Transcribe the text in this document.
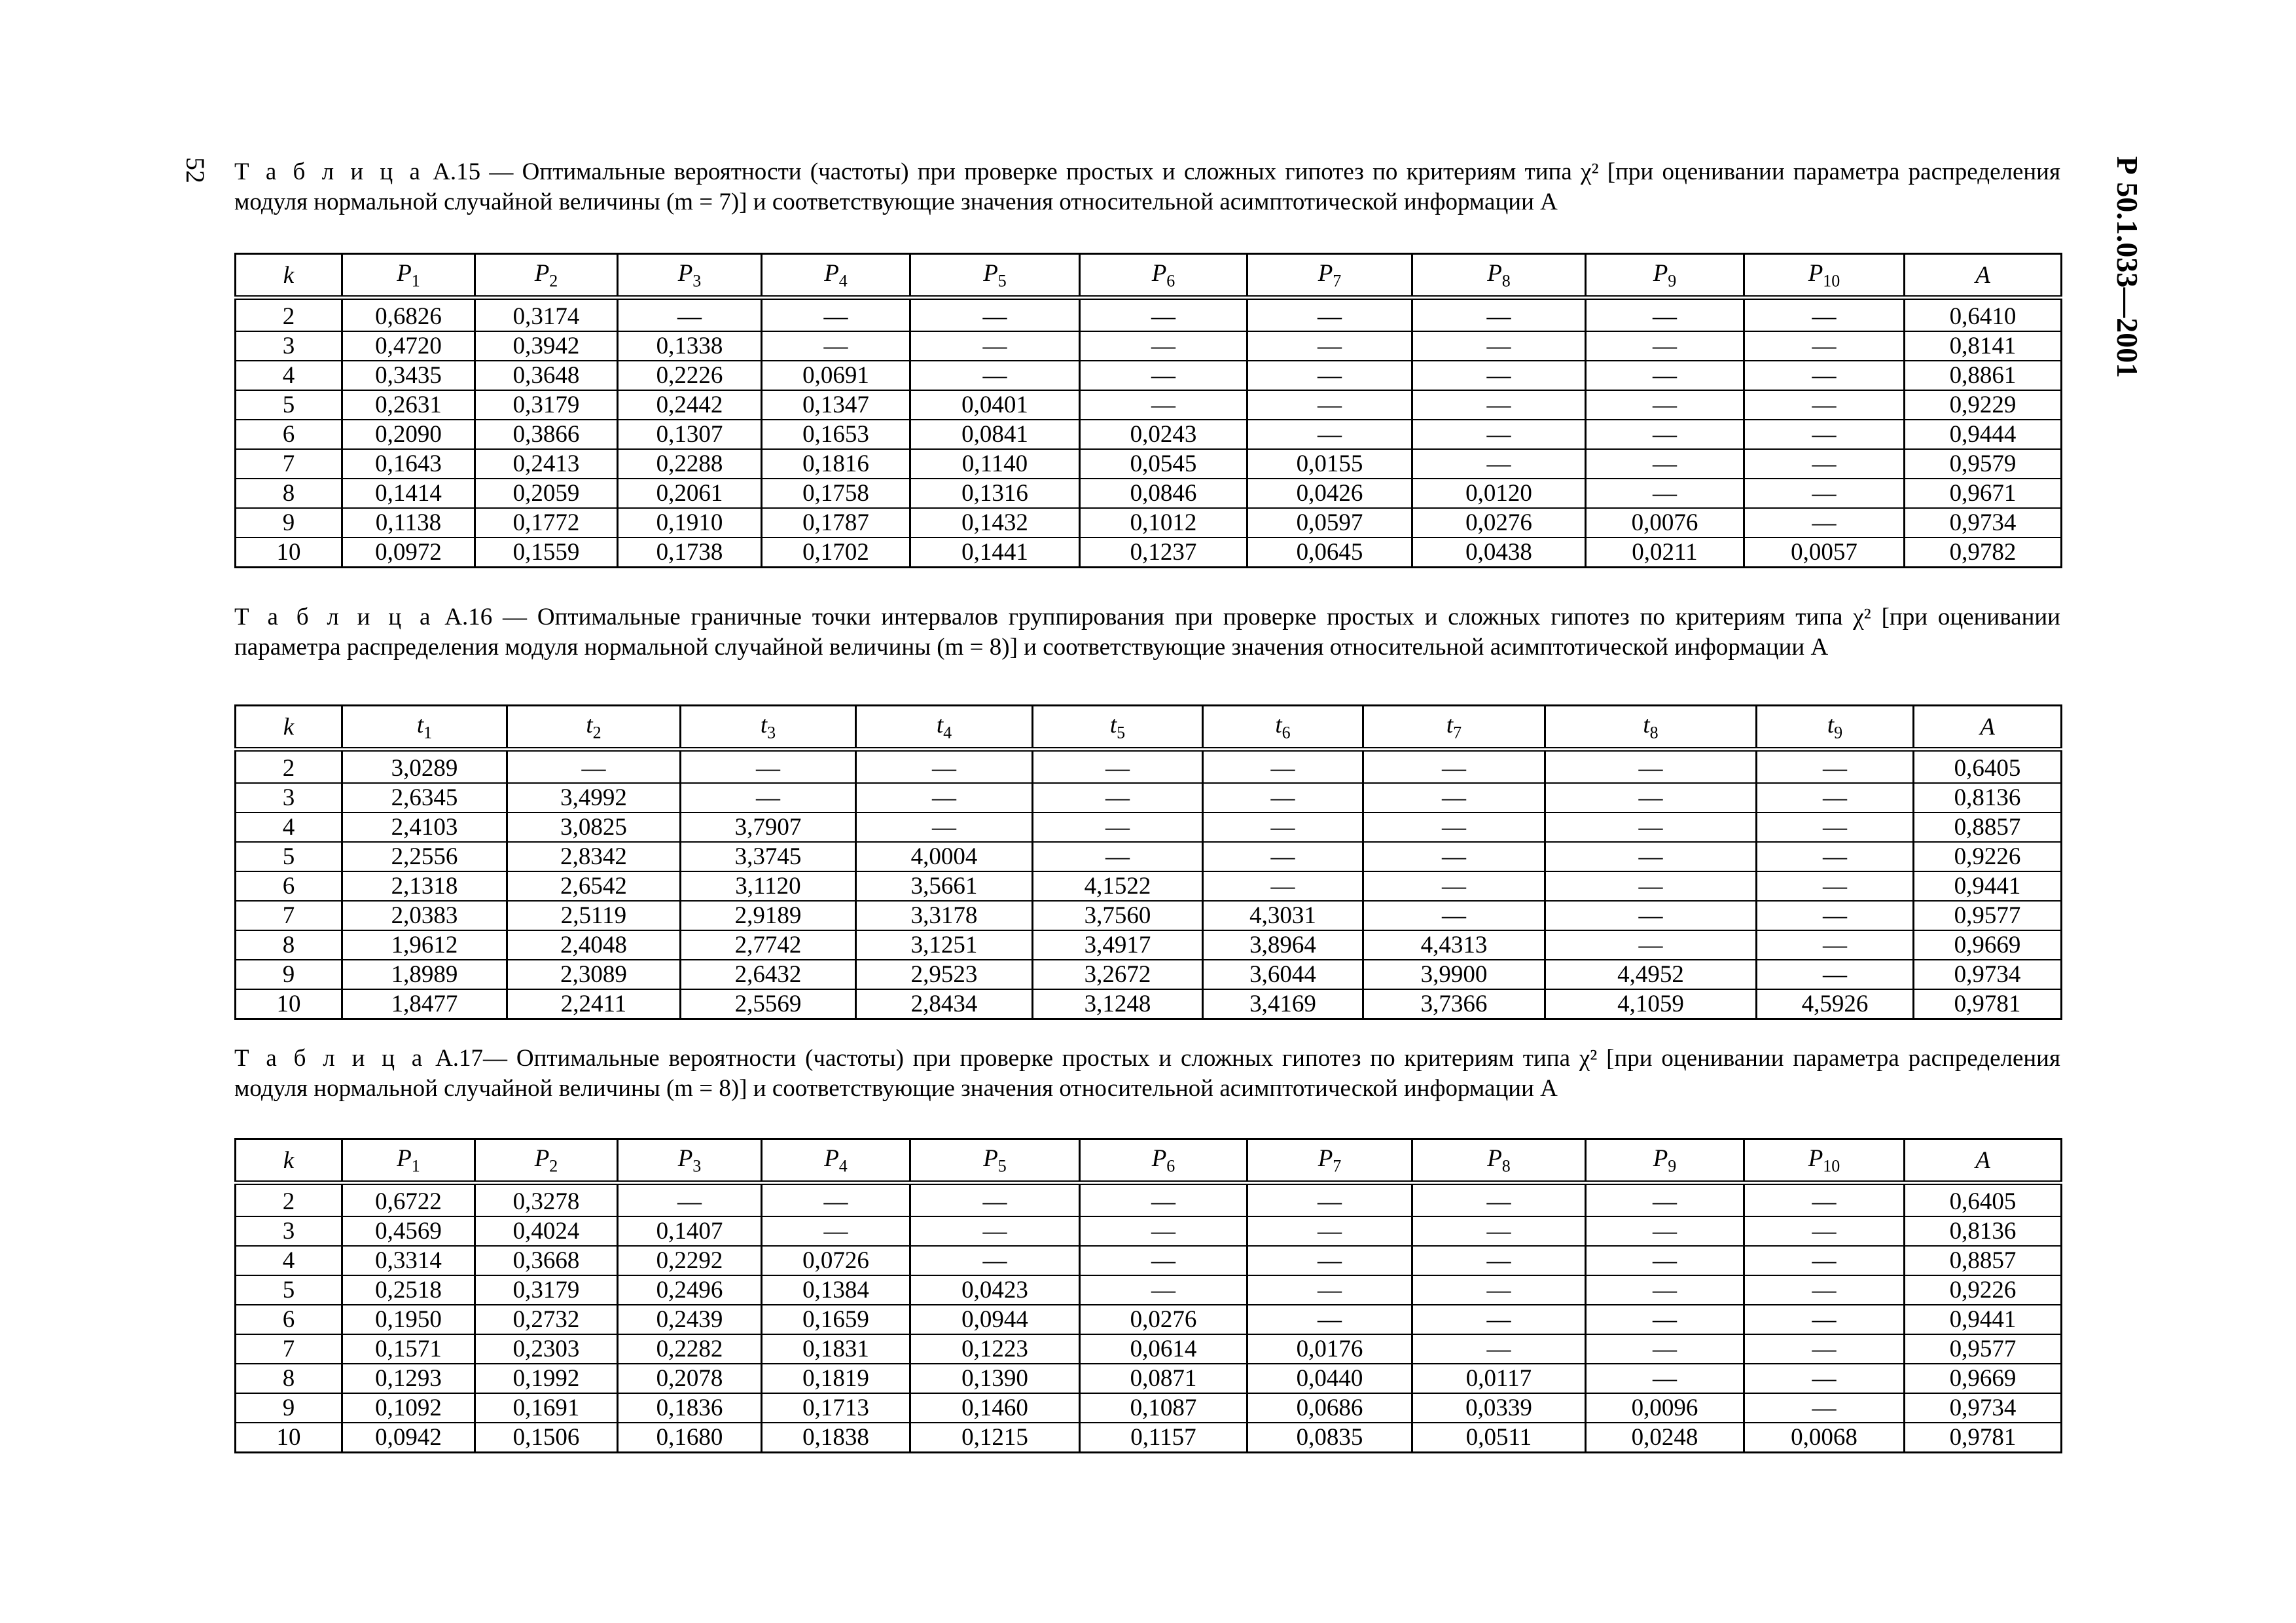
52	Р 50.1.033—2001
Т а б л и ц а А.15 — Оптимальные вероятности (частоты) при проверке простых и сложных гипотез по критериям типа χ² [при оценивании параметра распределения модуля нормальной случайной величины (m = 7)] и соответствующие значения относительной асимптотической информации A
k	$P_1$	$P_2$	$P_3$	$P_4$	$P_5$	$P_6$	$P_7$	$P_8$	$P_9$	$P_{10}$	A
2	0,6826	0,3174	—	—	—	—	—	—	—	—	0,6410
3	0,4720	0,3942	0,1338	—	—	—	—	—	—	—	0,8141
4	0,3435	0,3648	0,2226	0,0691	—	—	—	—	—	—	0,8861
5	0,2631	0,3179	0,2442	0,1347	0,0401	—	—	—	—	—	0,9229
6	0,2090	0,3866	0,1307	0,1653	0,0841	0,0243	—	—	—	—	0,9444
7	0,1643	0,2413	0,2288	0,1816	0,1140	0,0545	0,0155	—	—	—	0,9579
8	0,1414	0,2059	0,2061	0,1758	0,1316	0,0846	0,0426	0,0120	—	—	0,9671
9	0,1138	0,1772	0,1910	0,1787	0,1432	0,1012	0,0597	0,0276	0,0076	—	0,9734
10	0,0972	0,1559	0,1738	0,1702	0,1441	0,1237	0,0645	0,0438	0,0211	0,0057	0,9782
Т а б л и ц а А.16 — Оптимальные граничные точки интервалов группирования при проверке простых и сложных гипотез по критериям типа χ² [при оценивании параметра распределения модуля нормальной случайной величины (m = 8)] и соответствующие значения относительной асимптотической информации A
k	$t_1$	$t_2$	$t_3$	$t_4$	$t_5$	$t_6$	$t_7$	$t_8$	$t_9$	A
2	3,0289	—	—	—	—	—	—	—	—	0,6405
3	2,6345	3,4992	—	—	—	—	—	—	—	0,8136
4	2,4103	3,0825	3,7907	—	—	—	—	—	—	0,8857
5	2,2556	2,8342	3,3745	4,0004	—	—	—	—	—	0,9226
6	2,1318	2,6542	3,1120	3,5661	4,1522	—	—	—	—	0,9441
7	2,0383	2,5119	2,9189	3,3178	3,7560	4,3031	—	—	—	0,9577
8	1,9612	2,4048	2,7742	3,1251	3,4917	3,8964	4,4313	—	—	0,9669
9	1,8989	2,3089	2,6432	2,9523	3,2672	3,6044	3,9900	4,4952	—	0,9734
10	1,8477	2,2411	2,5569	2,8434	3,1248	3,4169	3,7366	4,1059	4,5926	0,9781
Т а б л и ц а А.17— Оптимальные вероятности (частоты) при проверке простых и сложных гипотез по критериям типа χ² [при оценивании параметра распределения модуля нормальной случайной величины (m = 8)] и соответствующие значения относительной асимптотической информации A
k	$P_1$	$P_2$	$P_3$	$P_4$	$P_5$	$P_6$	$P_7$	$P_8$	$P_9$	$P_{10}$	A
2	0,6722	0,3278	—	—	—	—	—	—	—	—	0,6405
3	0,4569	0,4024	0,1407	—	—	—	—	—	—	—	0,8136
4	0,3314	0,3668	0,2292	0,0726	—	—	—	—	—	—	0,8857
5	0,2518	0,3179	0,2496	0,1384	0,0423	—	—	—	—	—	0,9226
6	0,1950	0,2732	0,2439	0,1659	0,0944	0,0276	—	—	—	—	0,9441
7	0,1571	0,2303	0,2282	0,1831	0,1223	0,0614	0,0176	—	—	—	0,9577
8	0,1293	0,1992	0,2078	0,1819	0,1390	0,0871	0,0440	0,0117	—	—	0,9669
9	0,1092	0,1691	0,1836	0,1713	0,1460	0,1087	0,0686	0,0339	0,0096	—	0,9734
10	0,0942	0,1506	0,1680	0,1838	0,1215	0,1157	0,0835	0,0511	0,0248	0,0068	0,9781
